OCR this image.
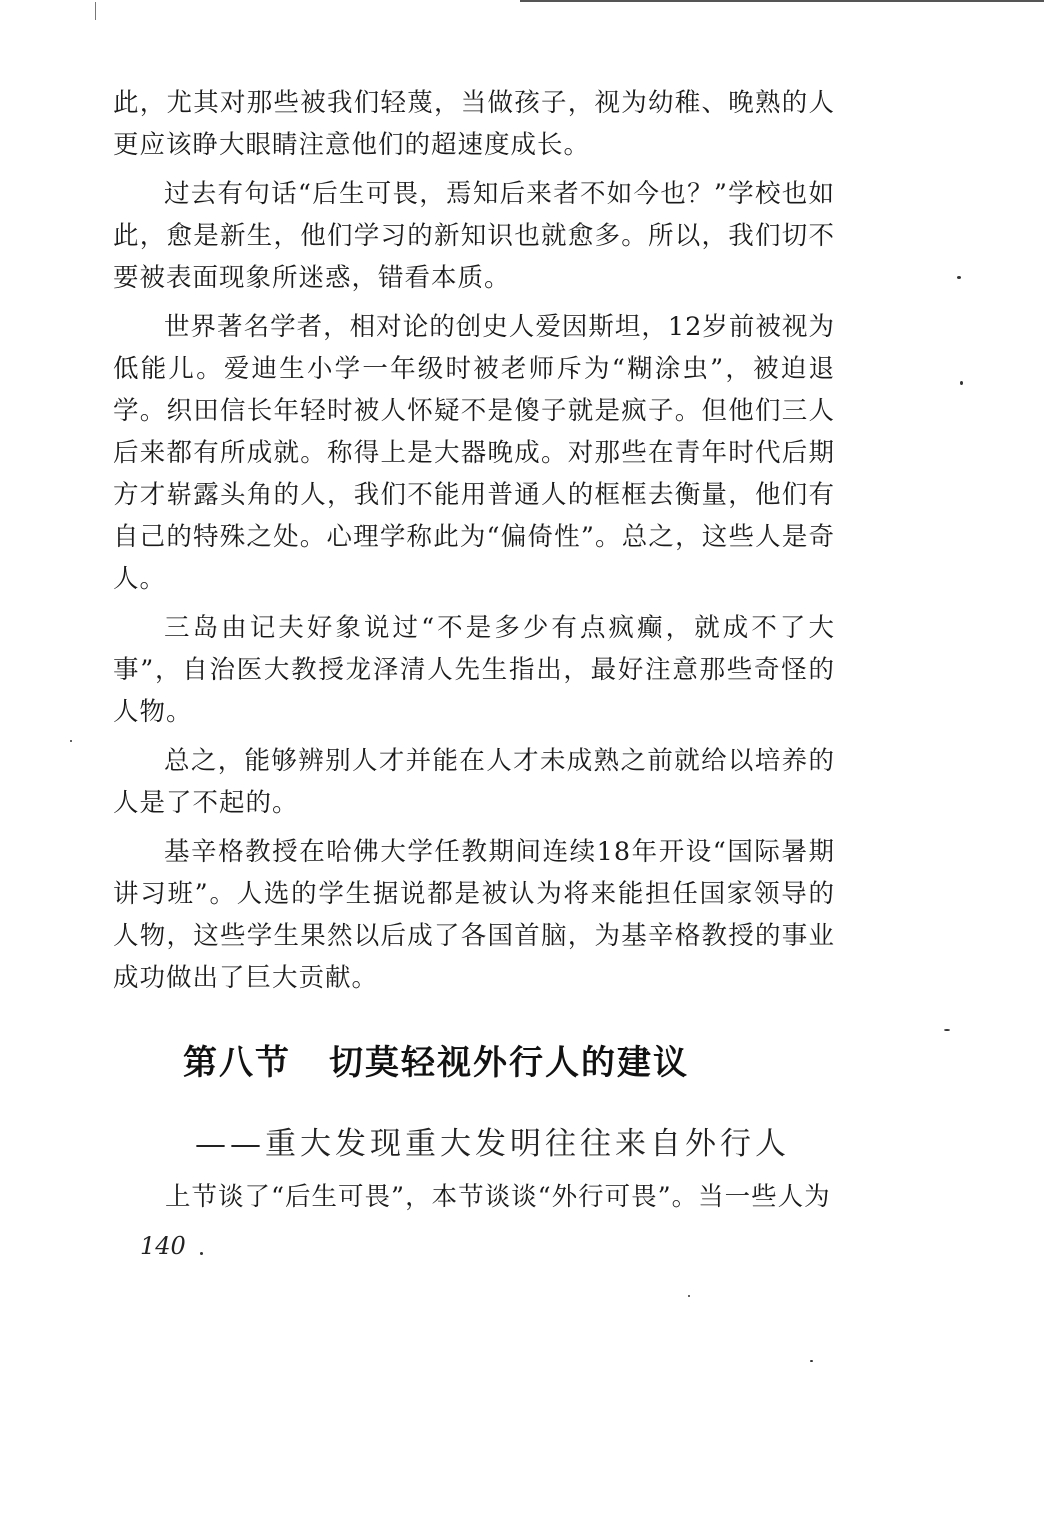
此，尤其对那些被我们轻蔑，当做孩子，视为幼稚、晚熟的人更应该睁大眼睛注意他们的超速度成长。

过去有句话“后生可畏，焉知后来者不如今也？”学校也如此，愈是新生，他们学习的新知识也就愈多。所以，我们切不要被表面现象所迷惑，错看本质。

世界著名学者，相对论的创史人爱因斯坦，12岁前被视为低能儿。爱迪生小学一年级时被老师斥为“糊涂虫”，被迫退学。织田信长年轻时被人怀疑不是傻子就是疯子。但他们三人后来都有所成就。称得上是大器晚成。对那些在青年时代后期方才崭露头角的人，我们不能用普通人的框框去衡量，他们有自己的特殊之处。心理学称此为“偏倚性”。总之，这些人是奇人。

三岛由记夫好象说过“不是多少有点疯癫，就成不了大事”，自治医大教授龙泽清人先生指出，最好注意那些奇怪的人物。

总之，能够辨别人才并能在人才未成熟之前就给以培养的人是了不起的。

基辛格教授在哈佛大学任教期间连续18年开设“国际暑期讲习班”。人选的学生据说都是被认为将来能担任国家领导的人物，这些学生果然以后成了各国首脑，为基辛格教授的事业成功做出了巨大贡献。

第八节 切莫轻视外行人的建议
——重大发现重大发明往往来自外行人
上节谈了“后生可畏”，本节谈谈“外行可畏”。当一些人为
140
